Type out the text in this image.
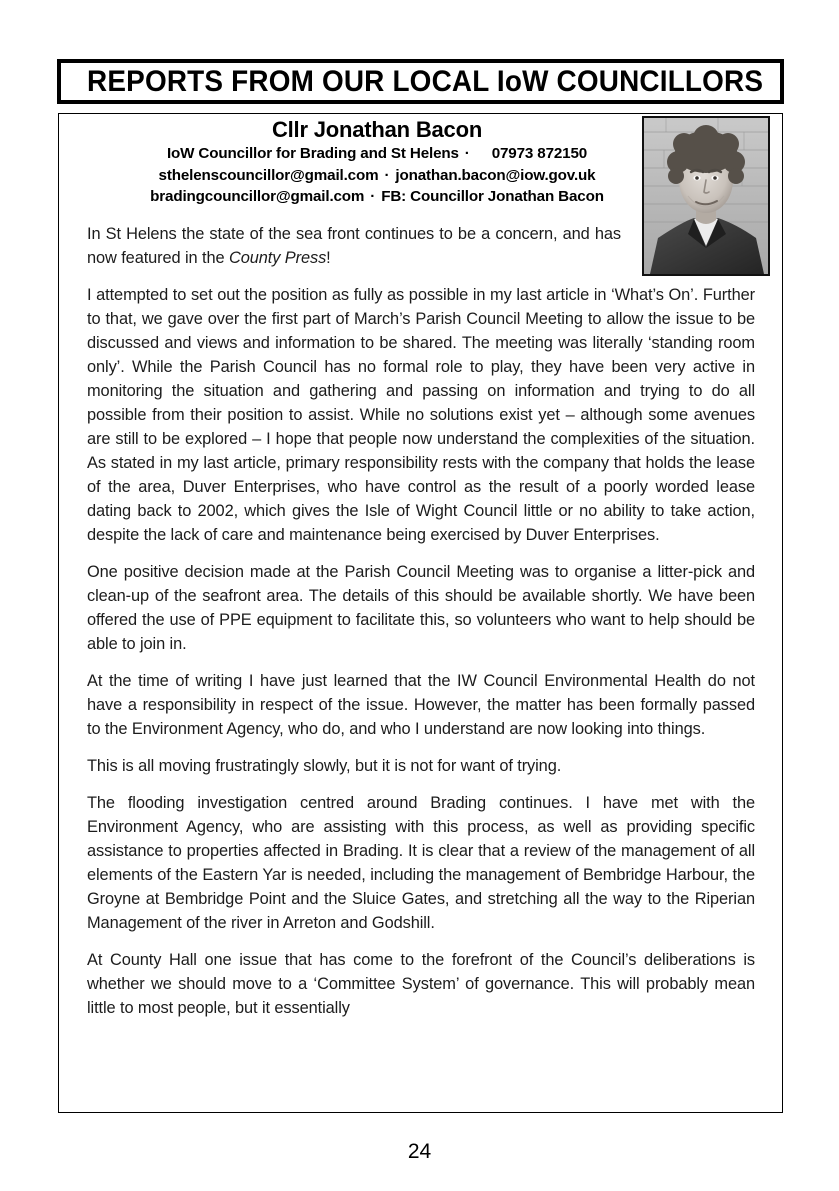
REPORTS FROM OUR LOCAL IoW COUNCILLORS
Cllr Jonathan Bacon
IoW Councillor for Brading and St Helens · 07973 872150
sthelenscouncillor@gmail.com · jonathan.bacon@iow.gov.uk
bradingcouncillor@gmail.com · FB: Councillor Jonathan Bacon

In St Helens the state of the sea front continues to be a concern, and has now featured in the County Press!

I attempted to set out the position as fully as possible in my last article in ‘What’s On’. Further to that, we gave over the first part of March’s Parish Council Meeting to allow the issue to be discussed and views and information to be shared. The meeting was literally ‘standing room only’. While the Parish Council has no formal role to play, they have been very active in monitoring the situation and gathering and passing on information and trying to do all possible from their position to assist. While no solutions exist yet – although some avenues are still to be explored – I hope that people now understand the complexities of the situation. As stated in my last article, primary responsibility rests with the company that holds the lease of the area, Duver Enterprises, who have control as the result of a poorly worded lease dating back to 2002, which gives the Isle of Wight Council little or no ability to take action, despite the lack of care and maintenance being exercised by Duver Enterprises.

One positive decision made at the Parish Council Meeting was to organise a litter-pick and clean-up of the seafront area. The details of this should be available shortly. We have been offered the use of PPE equipment to facilitate this, so volunteers who want to help should be able to join in.

At the time of writing I have just learned that the IW Council Environmental Health do not have a responsibility in respect of the issue. However, the matter has been formally passed to the Environment Agency, who do, and who I understand are now looking into things.

This is all moving frustratingly slowly, but it is not for want of trying.

The flooding investigation centred around Brading continues. I have met with the Environment Agency, who are assisting with this process, as well as providing specific assistance to properties affected in Brading. It is clear that a review of the management of all elements of the Eastern Yar is needed, including the management of Bembridge Harbour, the Groyne at Bembridge Point and the Sluice Gates, and stretching all the way to the Riperian Management of the river in Arreton and Godshill.

At County Hall one issue that has come to the forefront of the Council’s deliberations is whether we should move to a ‘Committee System’ of governance. This will probably mean little to most people, but it essentially

24
